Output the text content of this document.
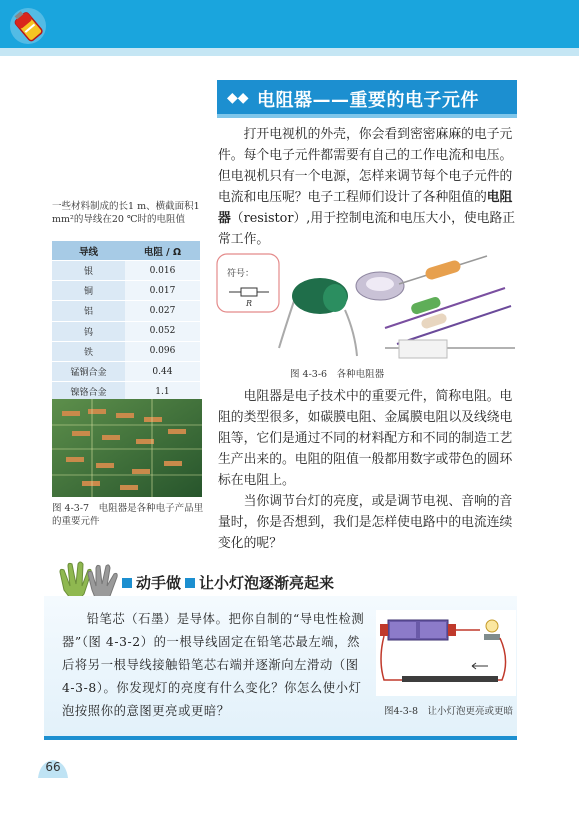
◆◆ 电阻器——重要的电子元件

打开电视机的外壳，你会看到密密麻麻的电子元件。每个电子元件都需要有自己的工作电流和电压。但电视机只有一个电源，怎样来调节每个电子元件的电流和电压呢？电子工程师们设计了各种阻值的电阻器（resistor）,用于控制电流和电压大小，使电路正常工作。

一些材料制成的长1 m、横截面积1 mm²的导线在20 ℃时的电阻值
导线	电阻 / Ω
银	0.016
铜	0.017
铝	0.027
钨	0.052
铁	0.096
锰铜合金	0.44
镍铬合金	1.1
符号：
R
图 4-3-6　各种电阻器
图 4-3-7　电阻器是各种电子产品里的重要元件

电阻器是电子技术中的重要元件，简称电阻。电阻的类型很多，如碳膜电阻、金属膜电阻以及线绕电阻等，它们是通过不同的材料配方和不同的制造工艺生产出来的。电阻的阻值一般都用数字或带色的圆环标在电阻上。

当你调节台灯的亮度，或是调节电视、音响的音量时，你是否想到，我们是怎样使电路中的电流连续变化的呢？

动手做 让小灯泡逐渐亮起来

铅笔芯（石墨）是导体。把你自制的“导电性检测器”（图 4-3-2）的一根导线固定在铅笔芯最左端，然后将另一根导线接触铅笔芯右端并逐渐向左滑动（图 4-3-8）。你发现灯的亮度有什么变化？你怎么使小灯泡按照你的意图更亮或更暗？	图4-3-8　让小灯泡更亮或更暗
66
